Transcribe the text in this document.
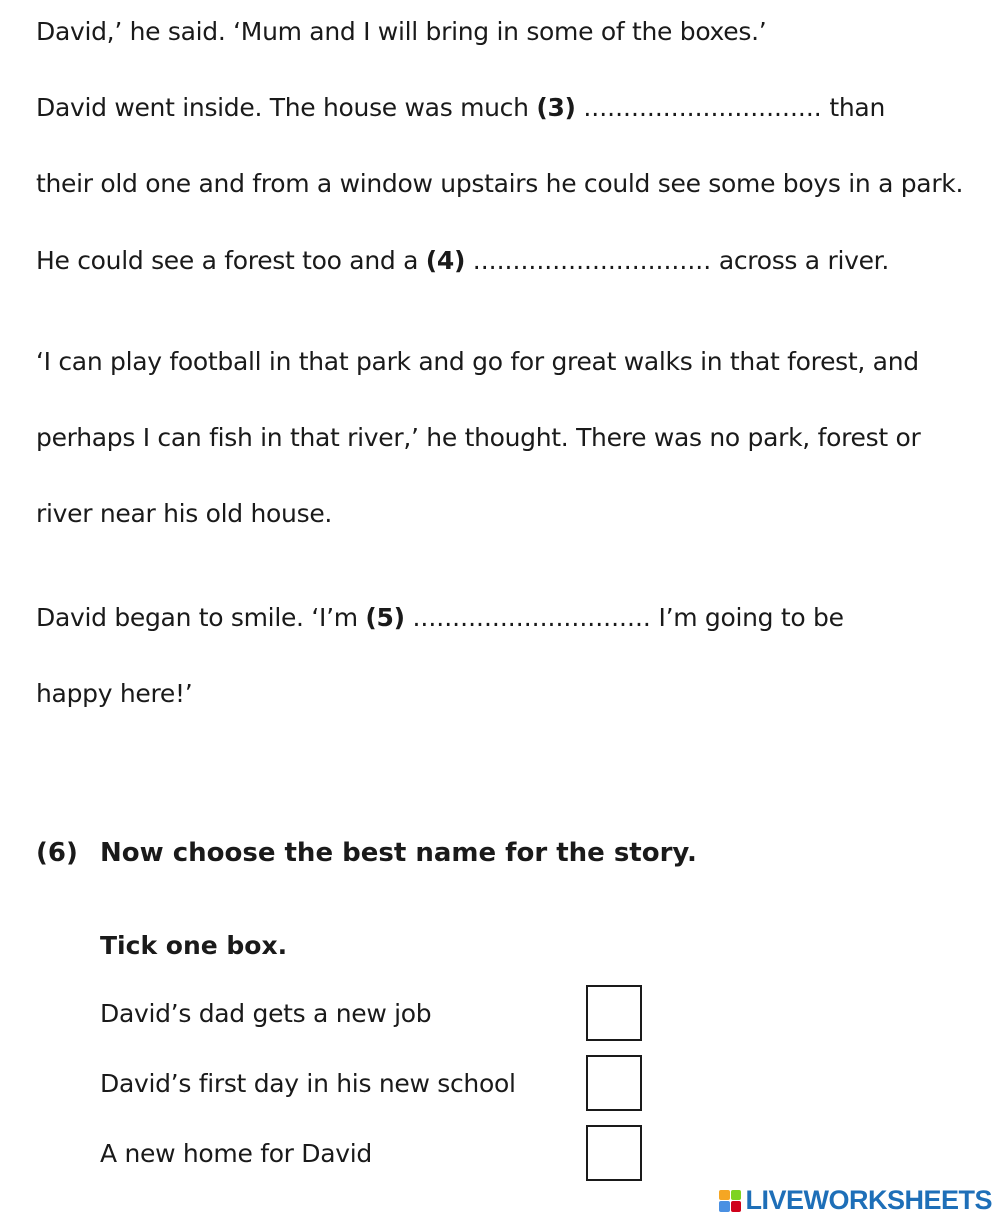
David,’ he said. ‘Mum and I will bring in some of the boxes.’
David went inside. The house was much (3) .............................. than
their old one and from a window upstairs he could see some boys in a park.
He could see a forest too and a (4) .............................. across a river.
‘I can play football in that park and go for great walks in that forest, and
perhaps I can fish in that river,’ he thought. There was no park, forest or
river near his old house.
David began to smile. ‘I’m (5) .............................. I’m going to be
happy here!’
(6) Now choose the best name for the story.
Tick one box.
David’s dad gets a new job
David’s first day in his new school
A new home for David
LIVEWORKSHEETS
